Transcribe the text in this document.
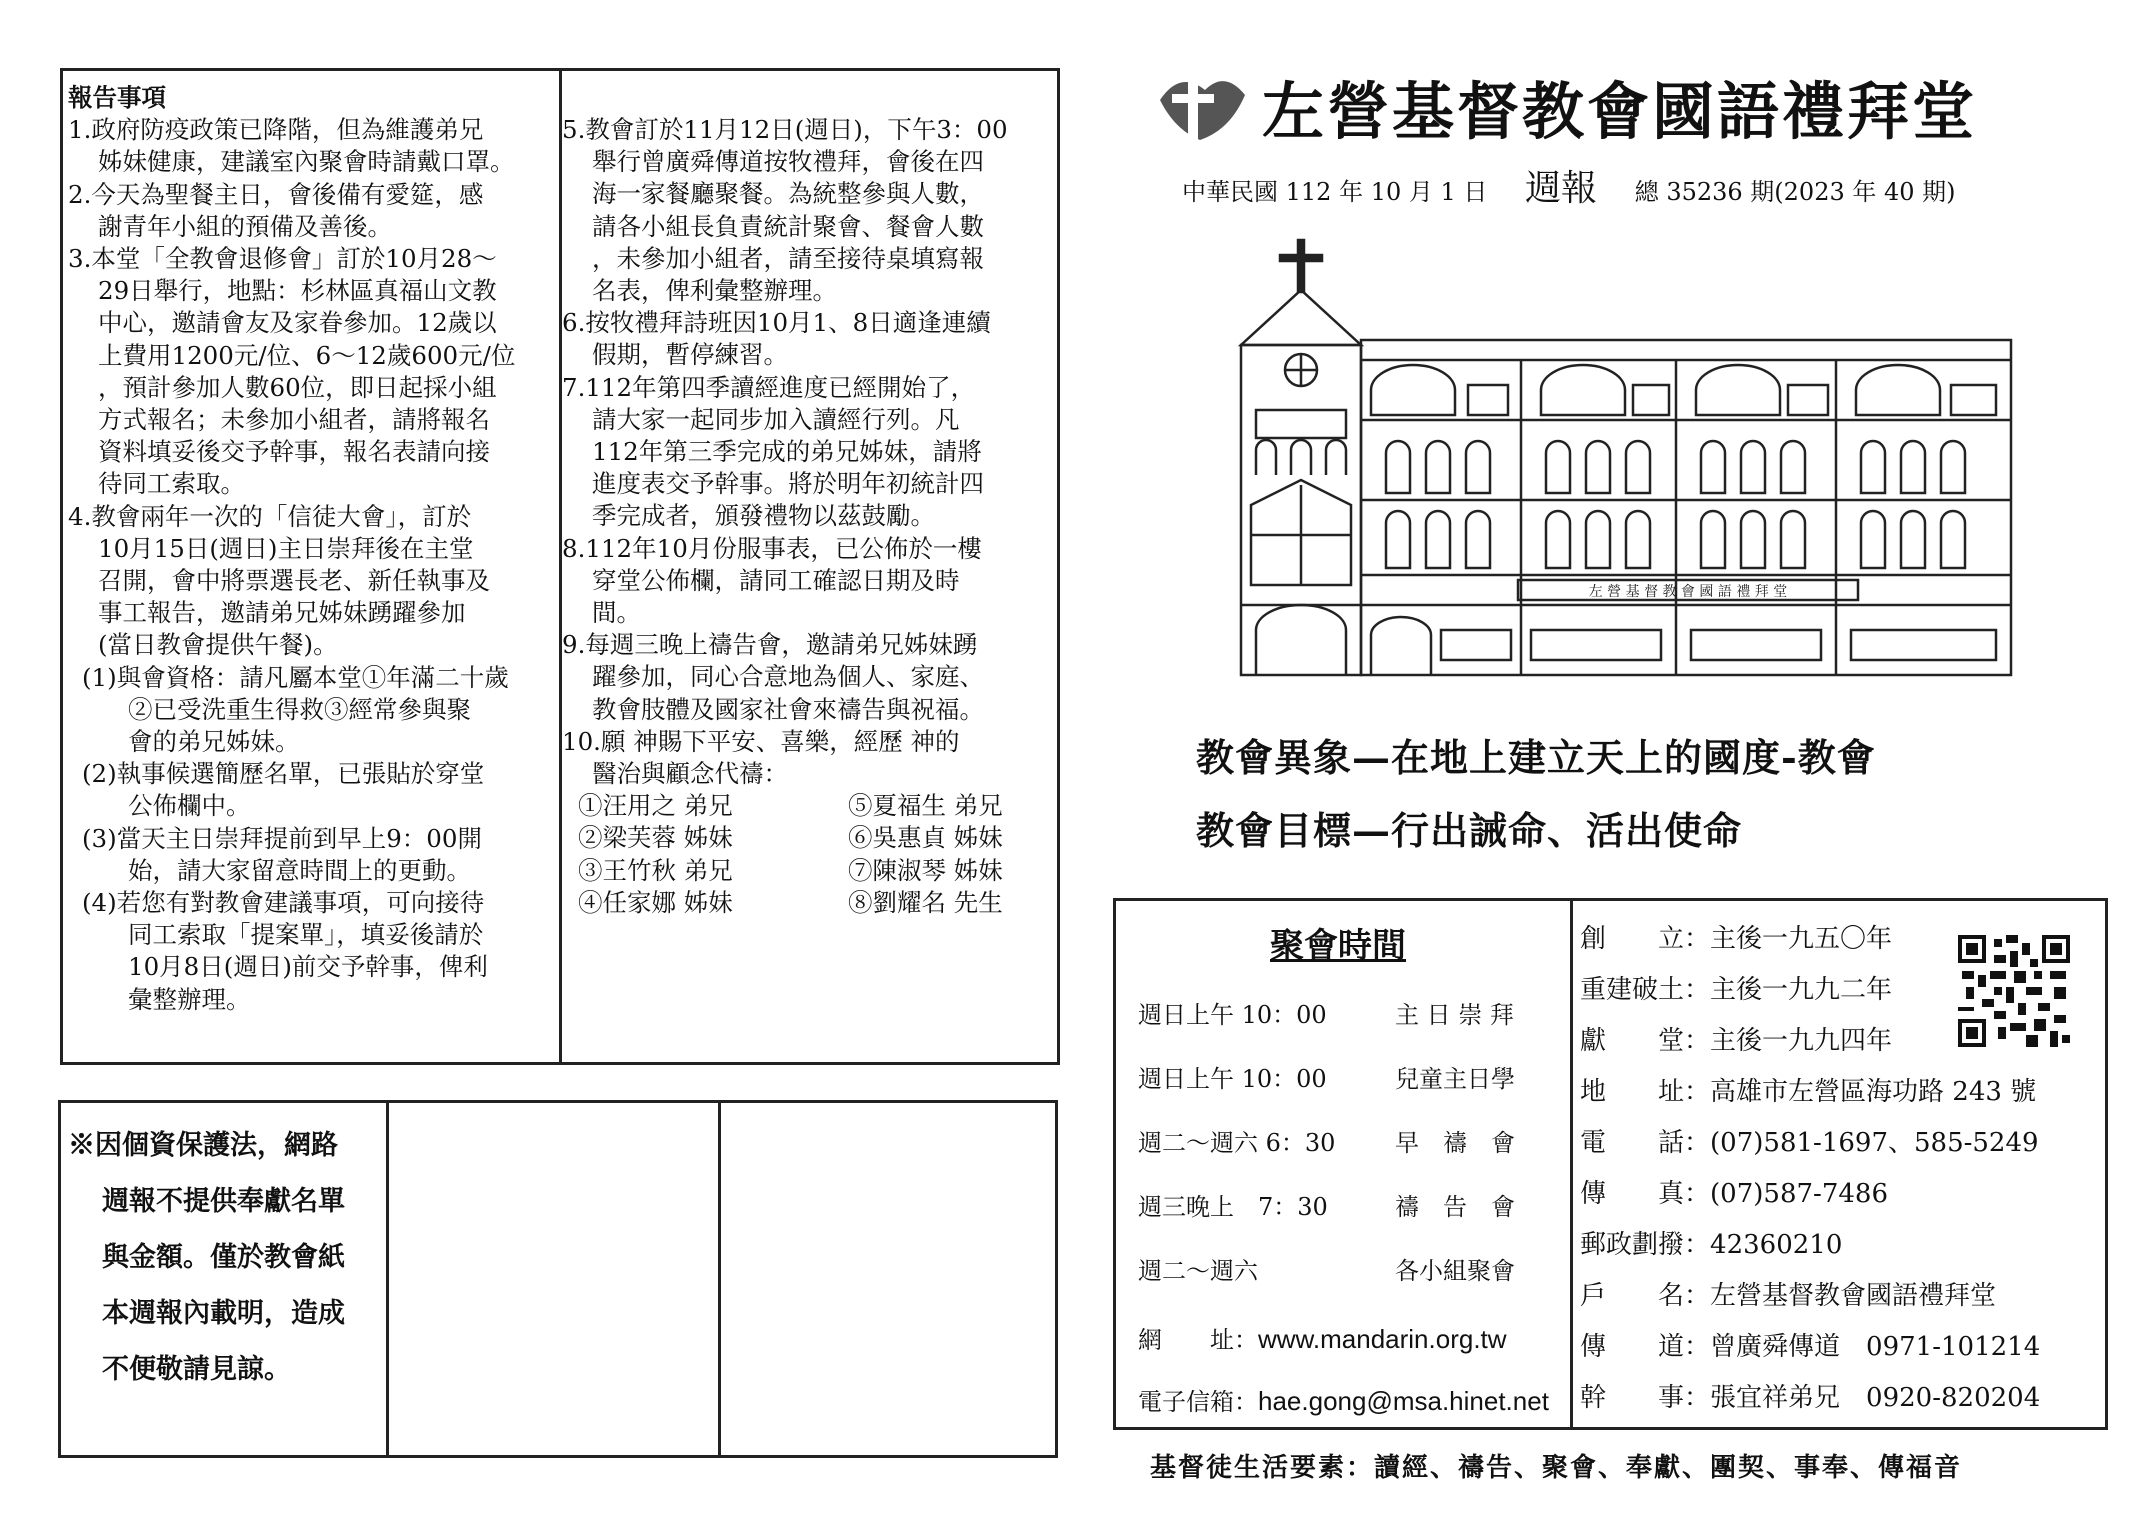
報告事項
1.政府防疫政策已降階，但為維護弟兄
姊妹健康，建議室內聚會時請戴口罩。
2.今天為聖餐主日，會後備有愛筵，感
謝青年小組的預備及善後。
3.本堂「全教會退修會」訂於10月28～
29日舉行，地點：杉林區真福山文教
中心，邀請會友及家眷參加。12歲以
上費用1200元/位、6～12歲600元/位
，預計參加人數60位，即日起採小組
方式報名；未參加小組者，請將報名
資料填妥後交予幹事，報名表請向接
待同工索取。
4.教會兩年一次的「信徒大會」，訂於
10月15日(週日)主日崇拜後在主堂
召開，會中將票選長老、新任執事及
事工報告，邀請弟兄姊妹踴躍參加
(當日教會提供午餐)。
(1)與會資格：請凡屬本堂①年滿二十歲
②已受洗重生得救③經常參與聚
會的弟兄姊妹。
(2)執事候選簡歷名單，已張貼於穿堂
公佈欄中。
(3)當天主日崇拜提前到早上9：00開
始，請大家留意時間上的更動。
(4)若您有對教會建議事項，可向接待
同工索取「提案單」，填妥後請於
10月8日(週日)前交予幹事，俾利
彙整辦理。
5.教會訂於11月12日(週日)，下午3：00
舉行曾廣舜傳道按牧禮拜，會後在四
海一家餐廳聚餐。為統整參與人數，
請各小組長負責統計聚會、餐會人數
，未參加小組者，請至接待桌填寫報
名表，俾利彙整辦理。
6.按牧禮拜詩班因10月1、8日適逢連續
假期，暫停練習。
7.112年第四季讀經進度已經開始了，
請大家一起同步加入讀經行列。凡
112年第三季完成的弟兄姊妹，請將
進度表交予幹事。將於明年初統計四
季完成者，頒發禮物以茲鼓勵。
8.112年10月份服事表，已公佈於一樓
穿堂公佈欄，請同工確認日期及時
間。
9.每週三晚上禱告會，邀請弟兄姊妹踴
躍參加，同心合意地為個人、家庭、
教會肢體及國家社會來禱告與祝福。
10.願 神賜下平安、喜樂，經歷 神的
醫治與顧念代禱：
①汪用之 弟兄	⑤夏福生 弟兄
②梁芙蓉 姊妹	⑥吳惠貞 姊妹
③王竹秋 弟兄	⑦陳淑琴 姊妹
④任家娜 姊妹	⑧劉耀名 先生
※因個資保護法，網路
週報不提供奉獻名單
與金額。僅於教會紙
本週報內載明，造成
不便敬請見諒。
左營基督教會國語禮拜堂
中華民國 112 年 10 月 1 日 週報 總 35236 期(2023 年 40 期)
左 營 基 督 教 會 國 語 禮 拜 堂
教會異象—在地上建立天上的國度-教會
教會目標—行出誡命、活出使命
聚會時間
週日上午 10：00	主 日 崇 拜
週日上午 10：00	兒童主日學
週二～週六 6：30 早　禱　會
週三晚上　7：30	禱　告　會
週二～週六	各小組聚會
網　　址：www.mandarin.org.tw
電子信箱：hae.gong@msa.hinet.net
創　　立：主後一九五〇年
重建破土：主後一九九二年
獻　　堂：主後一九九四年
地　　址：高雄市左營區海功路 243 號
電　　話：(07)581-1697、585-5249
傳　　真：(07)587-7486
郵政劃撥：42360210
戶　　名：左營基督教會國語禮拜堂
傳　　道：曾廣舜傳道　0971-101214
幹　　事：張宜祥弟兄　0920-820204
基督徒生活要素：讀經、禱告、聚會、奉獻、團契、事奉、傳福音
